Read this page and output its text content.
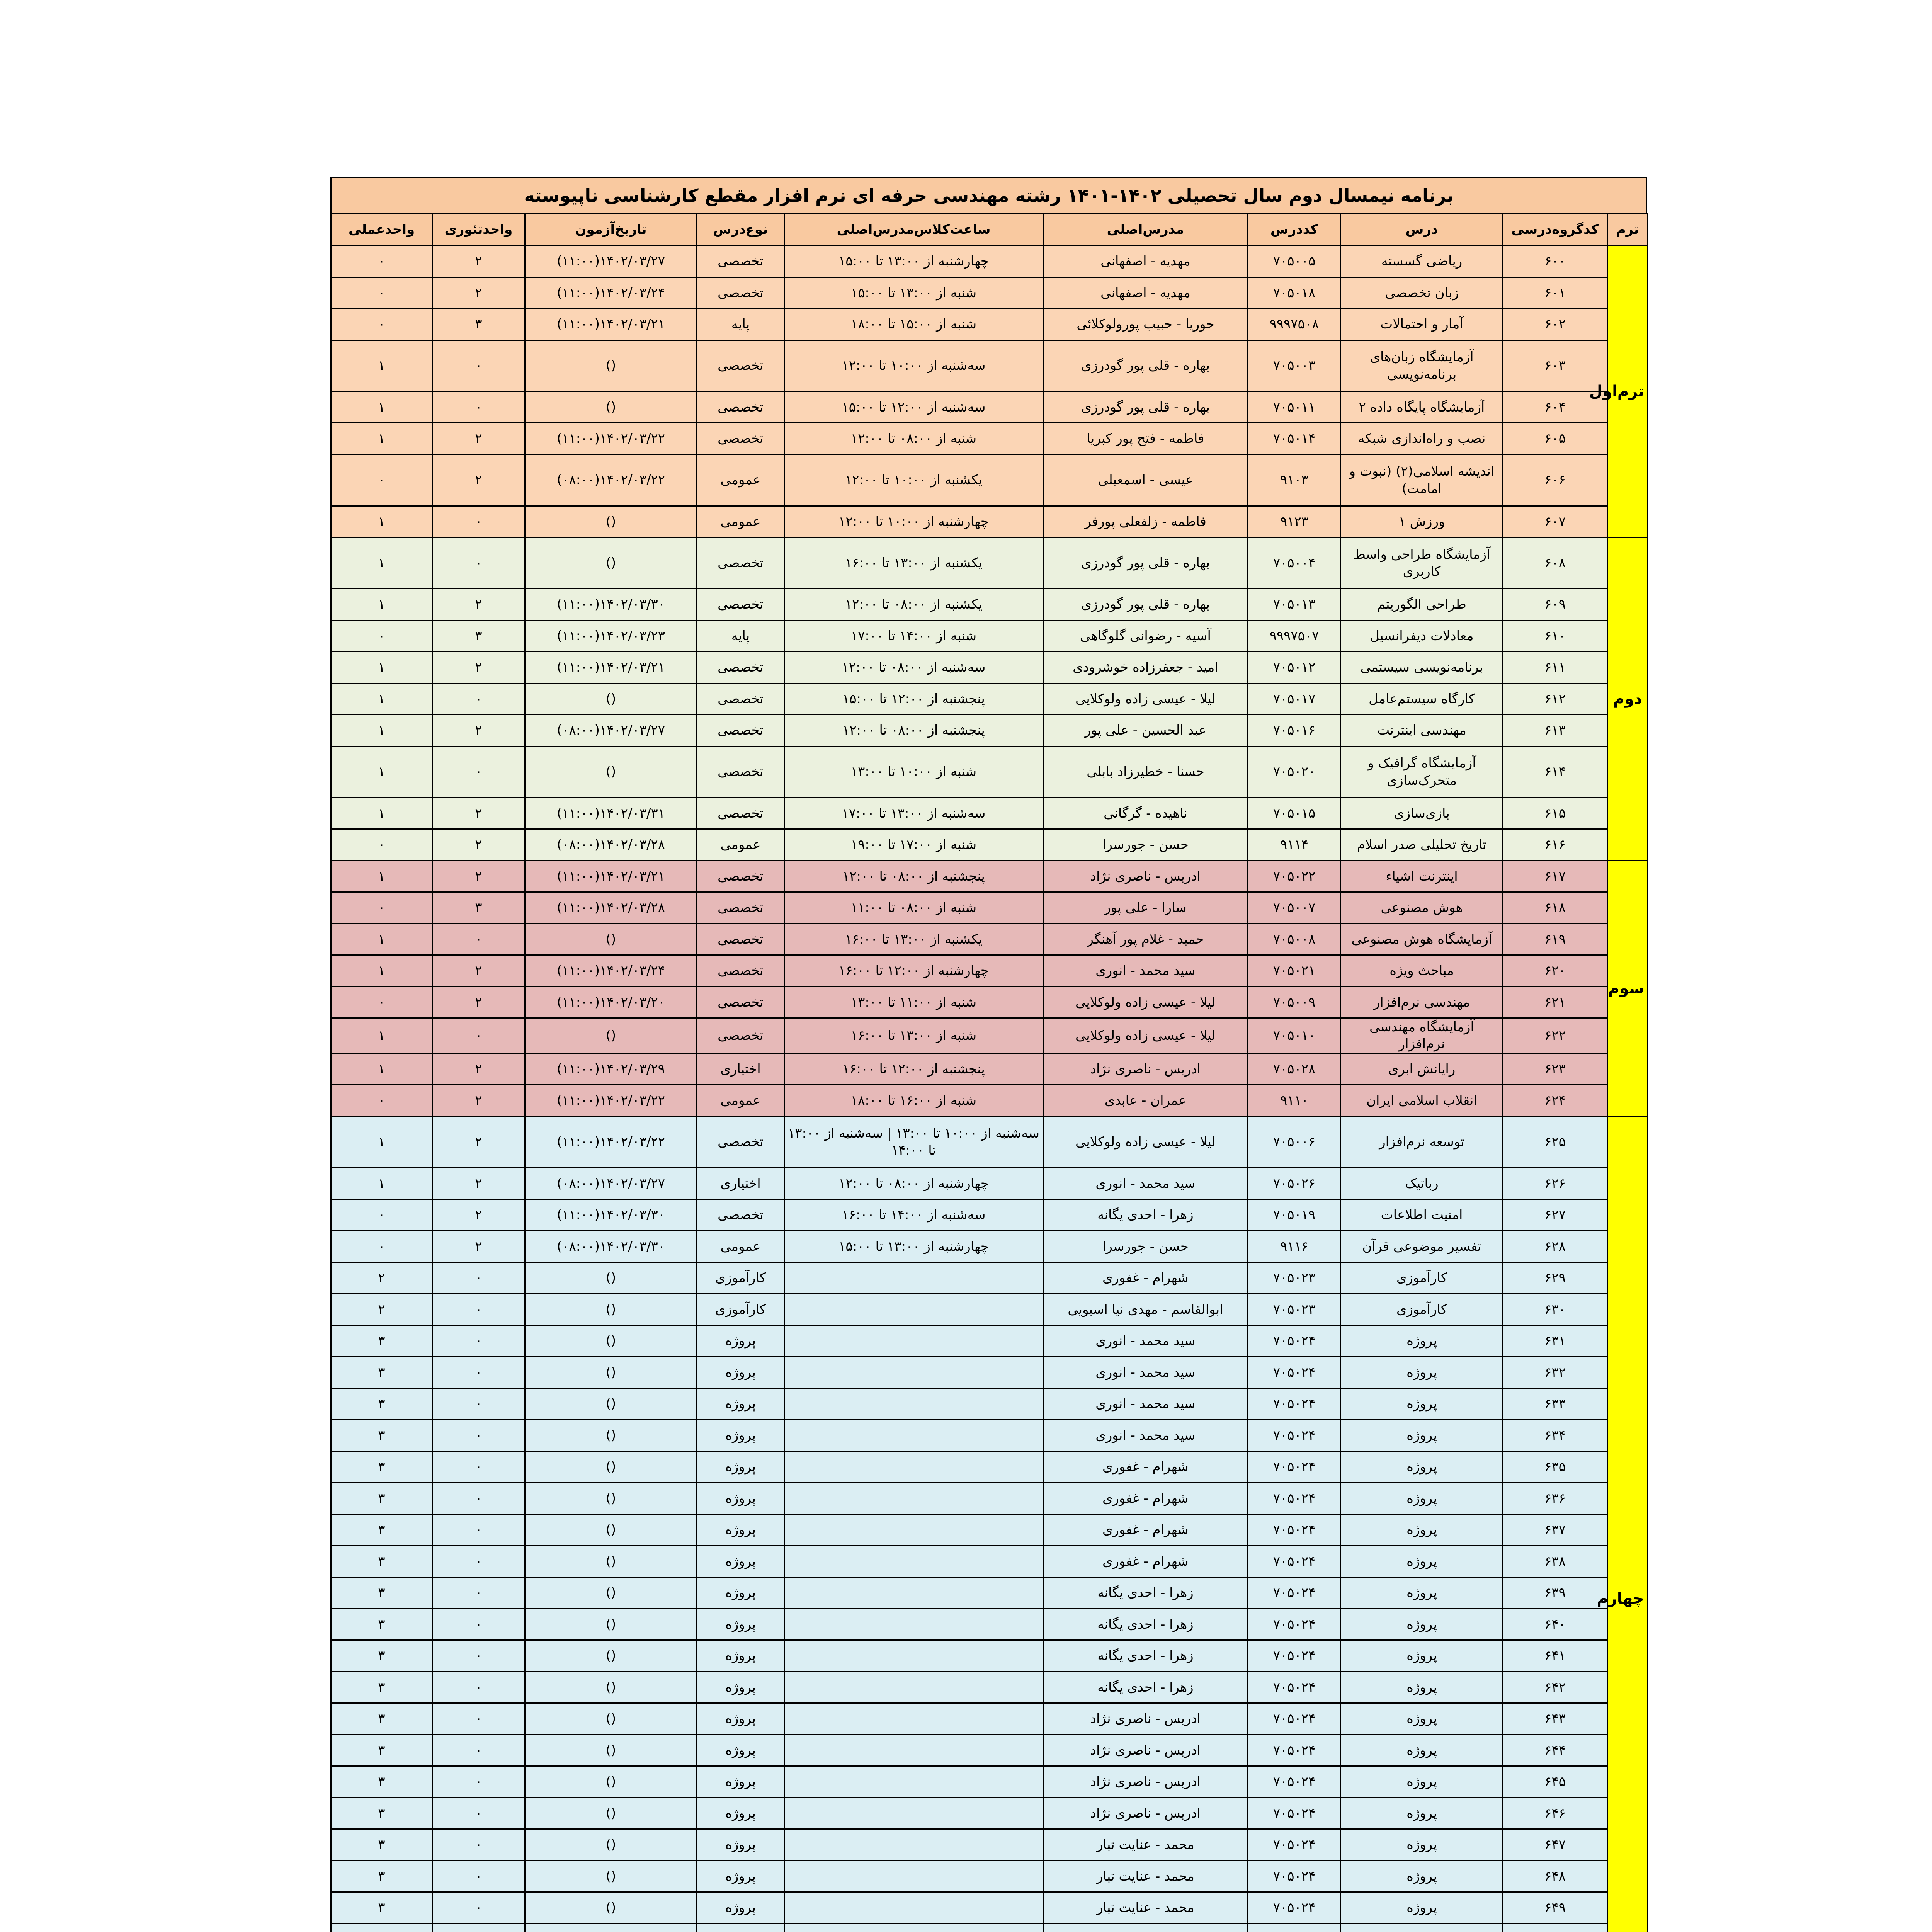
برنامه نیمسال دوم سال تحصیلی ۱۴۰۲-۱۴۰۱ رشته مهندسی حرفه ای نرم افزار مقطع کارشناسی ناپیوسته
ترم	کدگروه‌درسی	درس	کددرس	مدرس‌اصلی	ساعت‌کلاس‌مدرس‌اصلی	نوع‌درس	تاریخ‌آزمون	واحدتئوری	واحدعملی
ترم‌اول	۶۰۰	ریاضی گسسته	۷۰۵۰۰۵	مهدیه - اصفهانی	چهارشنبه از ۱۳:۰۰ تا ۱۵:۰۰	تخصصی	۱۴۰۲/۰۳/۲۷(۱۱:۰۰)	۲	۰
	۶۰۱	زبان تخصصی	۷۰۵۰۱۸	مهدیه - اصفهانی	شنبه از ۱۳:۰۰ تا ۱۵:۰۰	تخصصی	۱۴۰۲/۰۳/۲۴(۱۱:۰۰)	۲	۰
	۶۰۲	آمار و احتمالات	۹۹۹۷۵۰۸	حوریا - حبیب پورولوکلائی	شنبه از ۱۵:۰۰ تا ۱۸:۰۰	پایه	۱۴۰۲/۰۳/۲۱(۱۱:۰۰)	۳	۰
	۶۰۳	آزمایشگاه زبان‌های برنامه‌نویسی	۷۰۵۰۰۳	بهاره - قلی پور گودرزی	سه‌شنبه از ۱۰:۰۰ تا ۱۲:۰۰	تخصصی	()	۰	۱
	۶۰۴	آزمایشگاه پایگاه داده ۲	۷۰۵۰۱۱	بهاره - قلی پور گودرزی	سه‌شنبه از ۱۲:۰۰ تا ۱۵:۰۰	تخصصی	()	۰	۱
	۶۰۵	نصب و راه‌اندازی شبکه	۷۰۵۰۱۴	فاطمه - فتح پور کبریا	شنبه از ۰۸:۰۰ تا ۱۲:۰۰	تخصصی	۱۴۰۲/۰۳/۲۲(۱۱:۰۰)	۲	۱
	۶۰۶	اندیشه اسلامی(۲) (نبوت و امامت)	۹۱۰۳	عیسی - اسمعیلی	یکشنبه از ۱۰:۰۰ تا ۱۲:۰۰	عمومی	۱۴۰۲/۰۳/۲۲(۰۸:۰۰)	۲	۰
	۶۰۷	ورزش ۱	۹۱۲۳	فاطمه - زلفعلی پورفر	چهارشنبه از ۱۰:۰۰ تا ۱۲:۰۰	عمومی	()	۰	۱
دوم	۶۰۸	آزمایشگاه طراحی واسط کاربری	۷۰۵۰۰۴	بهاره - قلی پور گودرزی	یکشنبه از ۱۳:۰۰ تا ۱۶:۰۰	تخصصی	()	۰	۱
	۶۰۹	طراحی الگوریتم	۷۰۵۰۱۳	بهاره - قلی پور گودرزی	یکشنبه از ۰۸:۰۰ تا ۱۲:۰۰	تخصصی	۱۴۰۲/۰۳/۳۰(۱۱:۰۰)	۲	۱
	۶۱۰	معادلات دیفرانسیل	۹۹۹۷۵۰۷	آسیه - رضوانی گلوگاهی	شنبه از ۱۴:۰۰ تا ۱۷:۰۰	پایه	۱۴۰۲/۰۳/۲۳(۱۱:۰۰)	۳	۰
	۶۱۱	برنامه‌نویسی سیستمی	۷۰۵۰۱۲	امید - جعفرزاده خوشرودی	سه‌شنبه از ۰۸:۰۰ تا ۱۲:۰۰	تخصصی	۱۴۰۲/۰۳/۲۱(۱۱:۰۰)	۲	۱
	۶۱۲	کارگاه سیستم‌عامل	۷۰۵۰۱۷	لیلا - عیسی زاده ولوکلایی	پنجشنبه از ۱۲:۰۰ تا ۱۵:۰۰	تخصصی	()	۰	۱
	۶۱۳	مهندسی اینترنت	۷۰۵۰۱۶	عبد الحسین - علی پور	پنجشنبه از ۰۸:۰۰ تا ۱۲:۰۰	تخصصی	۱۴۰۲/۰۳/۲۷(۰۸:۰۰)	۲	۱
	۶۱۴	آزمایشگاه گرافیک و متحرک‌سازی	۷۰۵۰۲۰	حسنا - خطیرزاد بابلی	شنبه از ۱۰:۰۰ تا ۱۳:۰۰	تخصصی	()	۰	۱
	۶۱۵	بازی‌سازی	۷۰۵۰۱۵	ناهیده - گرگانی	سه‌شنبه از ۱۳:۰۰ تا ۱۷:۰۰	تخصصی	۱۴۰۲/۰۳/۳۱(۱۱:۰۰)	۲	۱
	۶۱۶	تاریخ تحلیلی صدر اسلام	۹۱۱۴	حسن - جورسرا	شنبه از ۱۷:۰۰ تا ۱۹:۰۰	عمومی	۱۴۰۲/۰۳/۲۸(۰۸:۰۰)	۲	۰
سوم	۶۱۷	اینترنت اشیاء	۷۰۵۰۲۲	ادریس - ناصری نژاد	پنجشنبه از ۰۸:۰۰ تا ۱۲:۰۰	تخصصی	۱۴۰۲/۰۳/۲۱(۱۱:۰۰)	۲	۱
	۶۱۸	هوش مصنوعی	۷۰۵۰۰۷	سارا - علی پور	شنبه از ۰۸:۰۰ تا ۱۱:۰۰	تخصصی	۱۴۰۲/۰۳/۲۸(۱۱:۰۰)	۳	۰
	۶۱۹	آزمایشگاه هوش مصنوعی	۷۰۵۰۰۸	حمید - غلام پور آهنگر	یکشنبه از ۱۳:۰۰ تا ۱۶:۰۰	تخصصی	()	۰	۱
	۶۲۰	مباحث ویژه	۷۰۵۰۲۱	سید محمد - انوری	چهارشنبه از ۱۲:۰۰ تا ۱۶:۰۰	تخصصی	۱۴۰۲/۰۳/۲۴(۱۱:۰۰)	۲	۱
	۶۲۱	مهندسی نرم‌افزار	۷۰۵۰۰۹	لیلا - عیسی زاده ولوکلایی	شنبه از ۱۱:۰۰ تا ۱۳:۰۰	تخصصی	۱۴۰۲/۰۳/۲۰(۱۱:۰۰)	۲	۰
	۶۲۲	آزمایشگاه مهندسی نرم‌افزار	۷۰۵۰۱۰	لیلا - عیسی زاده ولوکلایی	شنبه از ۱۳:۰۰ تا ۱۶:۰۰	تخصصی	()	۰	۱
	۶۲۳	رایانش ابری	۷۰۵۰۲۸	ادریس - ناصری نژاد	پنجشنبه از ۱۲:۰۰ تا ۱۶:۰۰	اختیاری	۱۴۰۲/۰۳/۲۹(۱۱:۰۰)	۲	۱
	۶۲۴	انقلاب اسلامی ایران	۹۱۱۰	عمران - عابدی	شنبه از ۱۶:۰۰ تا ۱۸:۰۰	عمومی	۱۴۰۲/۰۳/۲۲(۱۱:۰۰)	۲	۰
چهارم	۶۲۵	توسعه نرم‌افزار	۷۰۵۰۰۶	لیلا - عیسی زاده ولوکلایی	سه‌شنبه از ۱۰:۰۰ تا ۱۳:۰۰ | سه‌شنبه از ۱۳:۰۰ تا ۱۴:۰۰	تخصصی	۱۴۰۲/۰۳/۲۲(۱۱:۰۰)	۲	۱
	۶۲۶	رباتیک	۷۰۵۰۲۶	سید محمد - انوری	چهارشنبه از ۰۸:۰۰ تا ۱۲:۰۰	اختیاری	۱۴۰۲/۰۳/۲۷(۰۸:۰۰)	۲	۱
	۶۲۷	امنیت اطلاعات	۷۰۵۰۱۹	زهرا - احدی یگانه	سه‌شنبه از ۱۴:۰۰ تا ۱۶:۰۰	تخصصی	۱۴۰۲/۰۳/۳۰(۱۱:۰۰)	۲	۰
	۶۲۸	تفسیر موضوعی قرآن	۹۱۱۶	حسن - جورسرا	چهارشنبه از ۱۳:۰۰ تا ۱۵:۰۰	عمومی	۱۴۰۲/۰۳/۳۰(۰۸:۰۰)	۲	۰
	۶۲۹	کارآموزی	۷۰۵۰۲۳	شهرام - غفوری		کارآموزی	()	۰	۲
	۶۳۰	کارآموزی	۷۰۵۰۲۳	ابوالقاسم - مهدی نیا اسبویی		کارآموزی	()	۰	۲
	۶۳۱	پروژه	۷۰۵۰۲۴	سید محمد - انوری		پروژه	()	۰	۳
	۶۳۲	پروژه	۷۰۵۰۲۴	سید محمد - انوری		پروژه	()	۰	۳
	۶۳۳	پروژه	۷۰۵۰۲۴	سید محمد - انوری		پروژه	()	۰	۳
	۶۳۴	پروژه	۷۰۵۰۲۴	سید محمد - انوری		پروژه	()	۰	۳
	۶۳۵	پروژه	۷۰۵۰۲۴	شهرام - غفوری		پروژه	()	۰	۳
	۶۳۶	پروژه	۷۰۵۰۲۴	شهرام - غفوری		پروژه	()	۰	۳
	۶۳۷	پروژه	۷۰۵۰۲۴	شهرام - غفوری		پروژه	()	۰	۳
	۶۳۸	پروژه	۷۰۵۰۲۴	شهرام - غفوری		پروژه	()	۰	۳
	۶۳۹	پروژه	۷۰۵۰۲۴	زهرا - احدی یگانه		پروژه	()	۰	۳
	۶۴۰	پروژه	۷۰۵۰۲۴	زهرا - احدی یگانه		پروژه	()	۰	۳
	۶۴۱	پروژه	۷۰۵۰۲۴	زهرا - احدی یگانه		پروژه	()	۰	۳
	۶۴۲	پروژه	۷۰۵۰۲۴	زهرا - احدی یگانه		پروژه	()	۰	۳
	۶۴۳	پروژه	۷۰۵۰۲۴	ادریس - ناصری نژاد		پروژه	()	۰	۳
	۶۴۴	پروژه	۷۰۵۰۲۴	ادریس - ناصری نژاد		پروژه	()	۰	۳
	۶۴۵	پروژه	۷۰۵۰۲۴	ادریس - ناصری نژاد		پروژه	()	۰	۳
	۶۴۶	پروژه	۷۰۵۰۲۴	ادریس - ناصری نژاد		پروژه	()	۰	۳
	۶۴۷	پروژه	۷۰۵۰۲۴	محمد - عنایت تبار		پروژه	()	۰	۳
	۶۴۸	پروژه	۷۰۵۰۲۴	محمد - عنایت تبار		پروژه	()	۰	۳
	۶۴۹	پروژه	۷۰۵۰۲۴	محمد - عنایت تبار		پروژه	()	۰	۳
